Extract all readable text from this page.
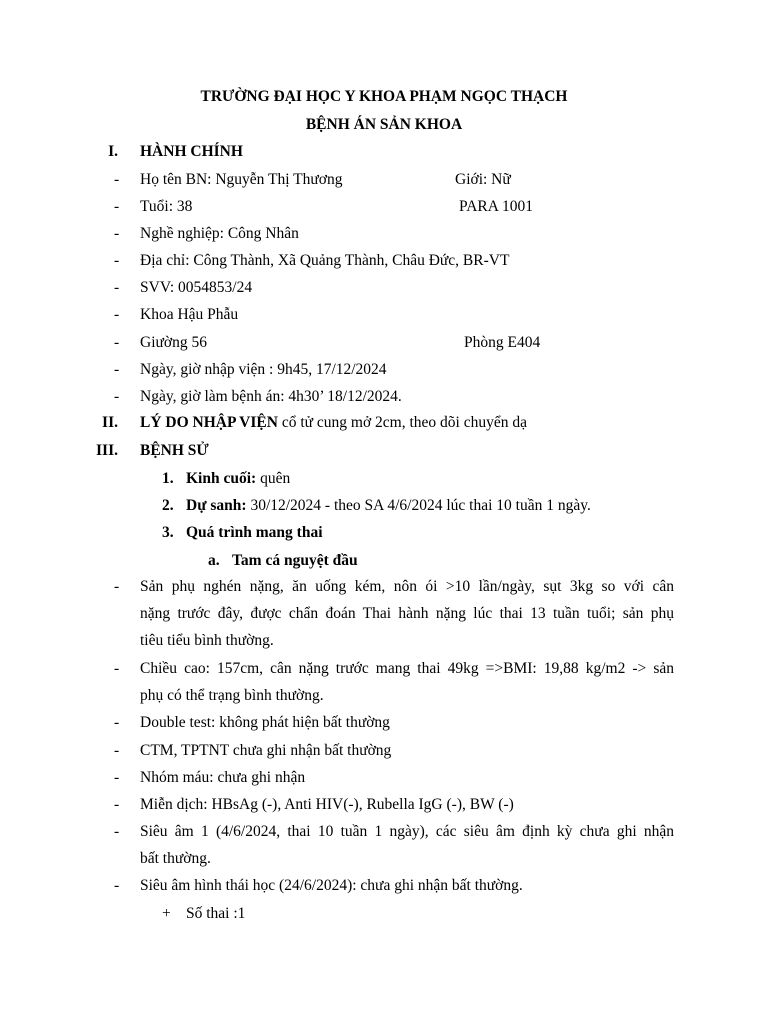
TRƯỜNG ĐẠI HỌC Y KHOA PHẠM NGỌC THẠCH
BỆNH ÁN SẢN KHOA
I. HÀNH CHÍNH
-	Họ tên BN: Nguyễn Thị Thương	Giới: Nữ
-	Tuổi: 38	PARA 1001
-	Nghề nghiệp: Công Nhân
-	Địa chỉ: Công Thành, Xã Quảng Thành, Châu Đức, BR-VT
-	SVV: 0054853/24
-	Khoa Hậu Phẫu
-	Giường 56	Phòng E404
-	Ngày, giờ nhập viện : 9h45, 17/12/2024
-	Ngày, giờ làm bệnh án: 4h30’ 18/12/2024.
II. LÝ DO NHẬP VIỆN cổ tử cung mở 2cm, theo dõi chuyển dạ
III. BỆNH SỬ
1. Kinh cuối: quên
2. Dự sanh: 30/12/2024 - theo SA 4/6/2024 lúc thai 10 tuần 1 ngày.
3. Quá trình mang thai
a. Tam cá nguyệt đầu
-	Sản phụ nghén nặng, ăn uống kém, nôn ói >10 lần/ngày, sụt 3kg so với cân
nặng trước đây, được chẩn đoán Thai hành nặng lúc thai 13 tuần tuổi; sản phụ
tiêu tiểu bình thường.
-	Chiều cao: 157cm, cân nặng trước mang thai 49kg =>BMI: 19,88 kg/m2 -> sản
phụ có thể trạng bình thường.
-	Double test: không phát hiện bất thường
-	CTM, TPTNT chưa ghi nhận bất thường
-	Nhóm máu: chưa ghi nhận
-	Miễn dịch: HBsAg (-), Anti HIV(-), Rubella IgG (-), BW (-)
-	Siêu âm 1 (4/6/2024, thai 10 tuần 1 ngày), các siêu âm định kỳ chưa ghi nhận
bất thường.
-	Siêu âm hình thái học (24/6/2024): chưa ghi nhận bất thường.
+ Số thai :1
